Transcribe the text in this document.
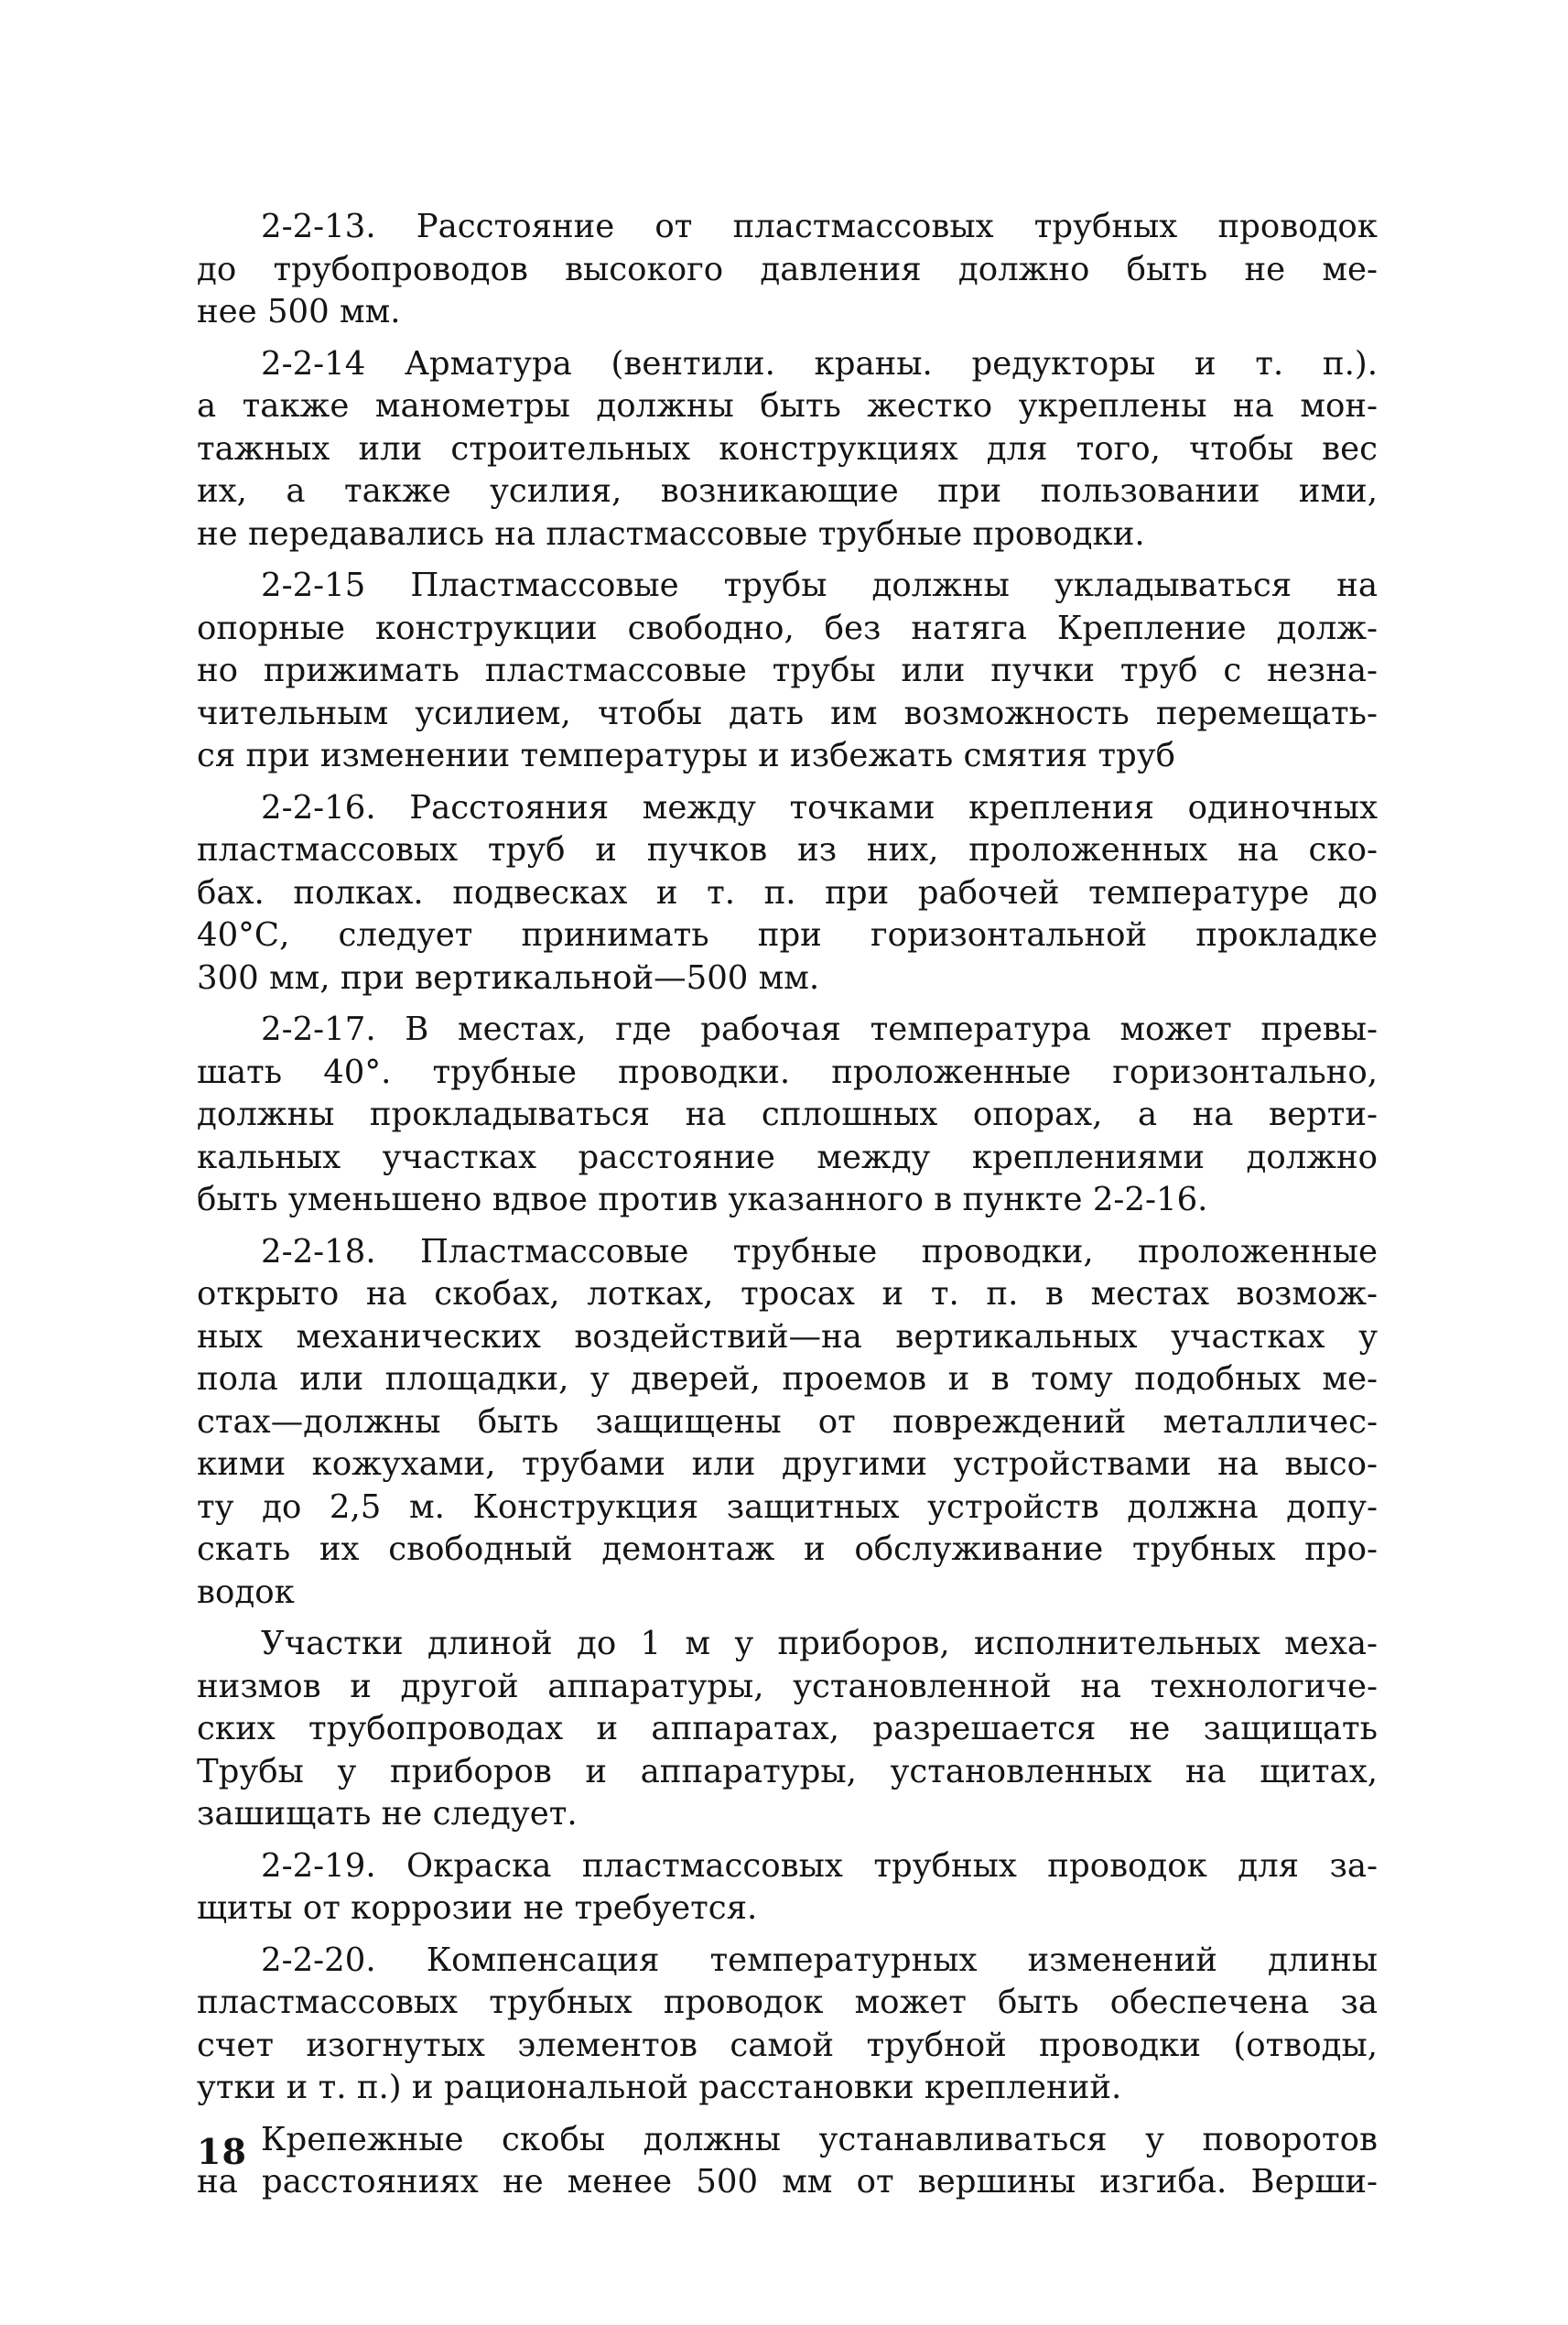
2-2-13. Расстояние от пластмассовых трубных проводок
до трубопроводов высокого давления должно быть не ме-
нее 500 мм.
2-2-14 Арматура (вентили. краны. редукторы и т. п.).
а также манометры должны быть жестко укреплены на мон-
тажных или строительных конструкциях для того, чтобы вес
их, а также усилия, возникающие при пользовании ими,
не передавались на пластмассовые трубные проводки.
2-2-15 Пластмассовые трубы должны укладываться на
опорные конструкции свободно, без натяга Крепление долж-
но прижимать пластмассовые трубы или пучки труб с незна-
чительным усилием, чтобы дать им возможность перемещать-
ся при изменении температуры и избежать смятия труб
2-2-16. Расстояния между точками крепления одиночных
пластмассовых труб и пучков из них, проложенных на ско-
бах. полках. подвесках и т. п. при рабочей температуре до
40°С, следует принимать при горизонтальной прокладке
300 мм, при вертикальной—500 мм.
2-2-17. В местах, где рабочая температура может превы-
шать 40°. трубные проводки. проложенные горизонтально,
должны прокладываться на сплошных опорах, а на верти-
кальных участках расстояние между креплениями должно
быть уменьшено вдвое против указанного в пункте 2-2-16.
2-2-18. Пластмассовые трубные проводки, проложенные
открыто на скобах, лотках, тросах и т. п. в местах возмож-
ных механических воздействий—на вертикальных участках у
пола или площадки, у дверей, проемов и в тому подобных ме-
стах—должны быть защищены от повреждений металличес-
кими кожухами, трубами или другими устройствами на высо-
ту до 2,5 м. Конструкция защитных устройств должна допу-
скать их свободный демонтаж и обслуживание трубных про-
водок
Участки длиной до 1 м у приборов, исполнительных меха-
низмов и другой аппаратуры, установленной на технологиче-
ских трубопроводах и аппаратах, разрешается не защищать
Трубы у приборов и аппаратуры, установленных на щитах,
зашищать не следует.
2-2-19. Окраска пластмассовых трубных проводок для за-
щиты от коррозии не требуется.
2-2-20. Компенсация температурных изменений длины
пластмассовых трубных проводок может быть обеспечена за
счет изогнутых элементов самой трубной проводки (отводы,
утки и т. п.) и рациональной расстановки креплений.
Крепежные скобы должны устанавливаться у поворотов
на расстояниях не менее 500 мм от вершины изгиба. Верши-
18
